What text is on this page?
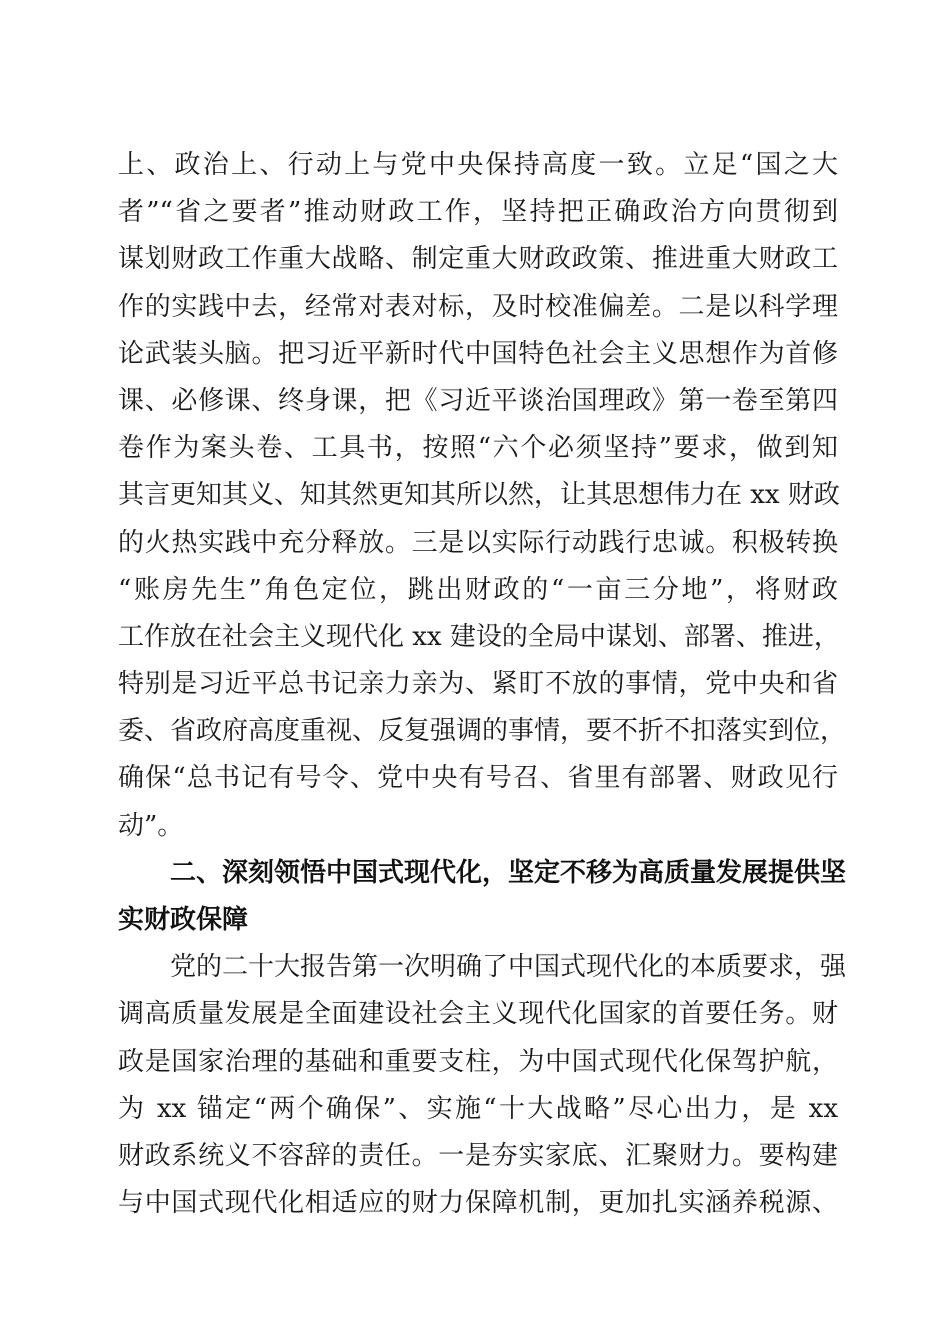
上、政治上、行动上与党中央保持高度一致。立足“国之大
者”“省之要者”推动财政工作，坚持把正确政治方向贯彻到
谋划财政工作重大战略、制定重大财政政策、推进重大财政工
作的实践中去，经常对表对标，及时校准偏差。二是以科学理
论武装头脑。把习近平新时代中国特色社会主义思想作为首修
课、必修课、终身课，把《习近平谈治国理政》第一卷至第四
卷作为案头卷、工具书，按照“六个必须坚持”要求，做到知
其言更知其义、知其然更知其所以然，让其思想伟力在 xx 财政
的火热实践中充分释放。三是以实际行动践行忠诚。积极转换
“账房先生”角色定位，跳出财政的“一亩三分地”，将财政
工作放在社会主义现代化 xx 建设的全局中谋划、部署、推进，
特别是习近平总书记亲力亲为、紧盯不放的事情，党中央和省
委、省政府高度重视、反复强调的事情，要不折不扣落实到位，
确保“总书记有号令、党中央有号召、省里有部署、财政见行
动”。
二、深刻领悟中国式现代化，坚定不移为高质量发展提供坚
实财政保障
党的二十大报告第一次明确了中国式现代化的本质要求，强
调高质量发展是全面建设社会主义现代化国家的首要任务。财
政是国家治理的基础和重要支柱，为中国式现代化保驾护航，
为 xx 锚定“两个确保”、实施“十大战略”尽心出力，是 xx
财政系统义不容辞的责任。一是夯实家底、汇聚财力。要构建
与中国式现代化相适应的财力保障机制，更加扎实涵养税源、
